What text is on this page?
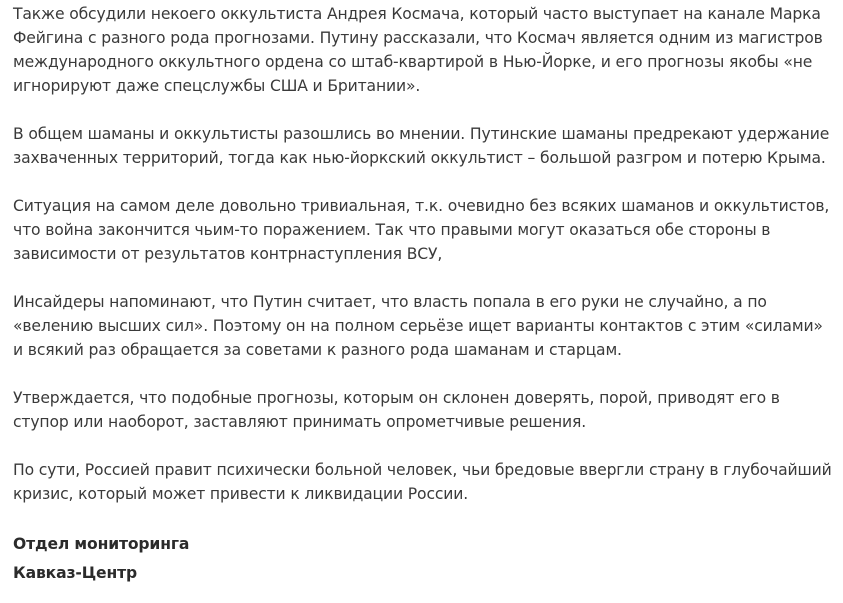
Также обсудили некоего оккультиста Андрея Космача, который часто выступает на канале Марка Фейгина с разного рода прогнозами. Путину рассказали, что Космач является одним из магистров международного оккультного ордена со штаб-квартирой в Нью-Йорке, и его прогнозы якобы «не игнорируют даже спецслужбы США и Британии».

В общем шаманы и оккультисты разошлись во мнении. Путинские шаманы предрекают удержание захваченных территорий, тогда как нью-йоркский оккультист – большой разгром и потерю Крыма.

Ситуация на самом деле довольно тривиальная, т.к. очевидно без всяких шаманов и оккультистов, что война закончится чьим-то поражением. Так что правыми могут оказаться обе стороны в зависимости от результатов контрнаступления ВСУ,

Инсайдеры напоминают, что Путин считает, что власть попала в его руки не случайно, а по «велению высших сил». Поэтому он на полном серьёзе ищет варианты контактов с этим «силами» и всякий раз обращается за советами к разного рода шаманам и старцам.

Утверждается, что подобные прогнозы, которым он склонен доверять, порой, приводят его в ступор или наоборот, заставляют принимать опрометчивые решения.

По сути, Россией правит психически больной человек, чьи бредовые ввергли страну в глубочайший кризис, который может привести к ликвидации России.

Отдел мониторинга
Кавказ-Центр
